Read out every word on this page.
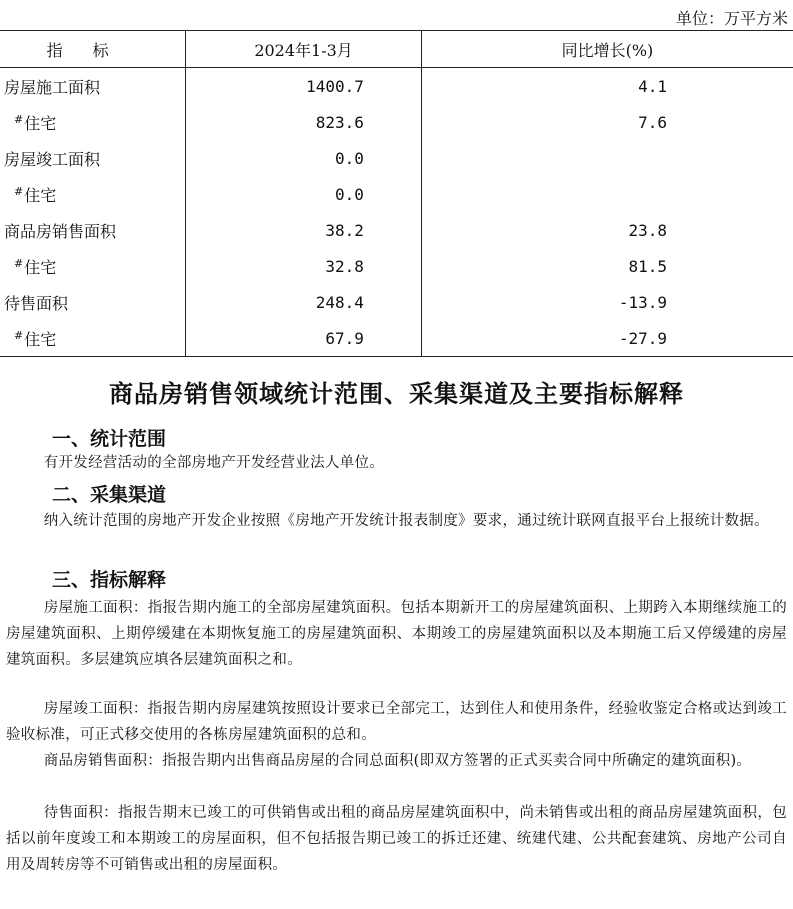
单位：万平方米
指标	2024年1-3月	同比增长(%)
房屋施工面积	1400.7	4.1
#住宅	823.6	7.6
房屋竣工面积	0.0	
#住宅	0.0	
商品房销售面积	38.2	23.8
#住宅	32.8	81.5
待售面积	248.4	-13.9
#住宅	67.9	-27.9
商品房销售领域统计范围、采集渠道及主要指标解释
一、统计范围
有开发经营活动的全部房地产开发经营业法人单位。
二、采集渠道
纳入统计范围的房地产开发企业按照《房地产开发统计报表制度》要求，通过统计联网直报平台上报统计数据。
三、指标解释
房屋施工面积：指报告期内施工的全部房屋建筑面积。包括本期新开工的房屋建筑面积、上期跨入本期继续施工的房屋建筑面积、上期停缓建在本期恢复施工的房屋建筑面积、本期竣工的房屋建筑面积以及本期施工后又停缓建的房屋建筑面积。多层建筑应填各层建筑面积之和。
房屋竣工面积：指报告期内房屋建筑按照设计要求已全部完工，达到住人和使用条件，经验收鉴定合格或达到竣工验收标准，可正式移交使用的各栋房屋建筑面积的总和。
商品房销售面积：指报告期内出售商品房屋的合同总面积(即双方签署的正式买卖合同中所确定的建筑面积)。
待售面积：指报告期末已竣工的可供销售或出租的商品房屋建筑面积中，尚未销售或出租的商品房屋建筑面积，包括以前年度竣工和本期竣工的房屋面积，但不包括报告期已竣工的拆迁还建、统建代建、公共配套建筑、房地产公司自用及周转房等不可销售或出租的房屋面积。
